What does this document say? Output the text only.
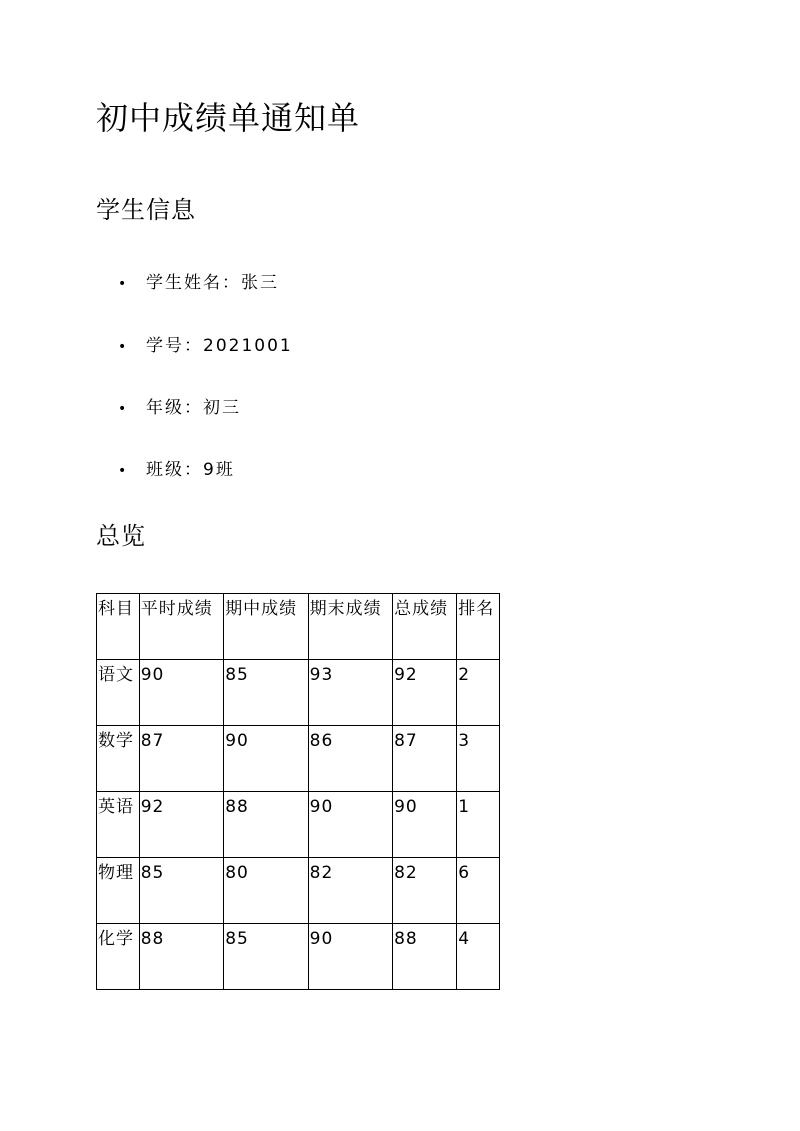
初中成绩单通知单
学生信息
• 学生姓名：张三
• 学号：2021001
• 年级：初三
• 班级：9班
总览
科目	平时成绩	期中成绩	期末成绩	总成绩	排名
语文	90	85	93	92	2
数学	87	90	86	87	3
英语	92	88	90	90	1
物理	85	80	82	82	6
化学	88	85	90	88	4
